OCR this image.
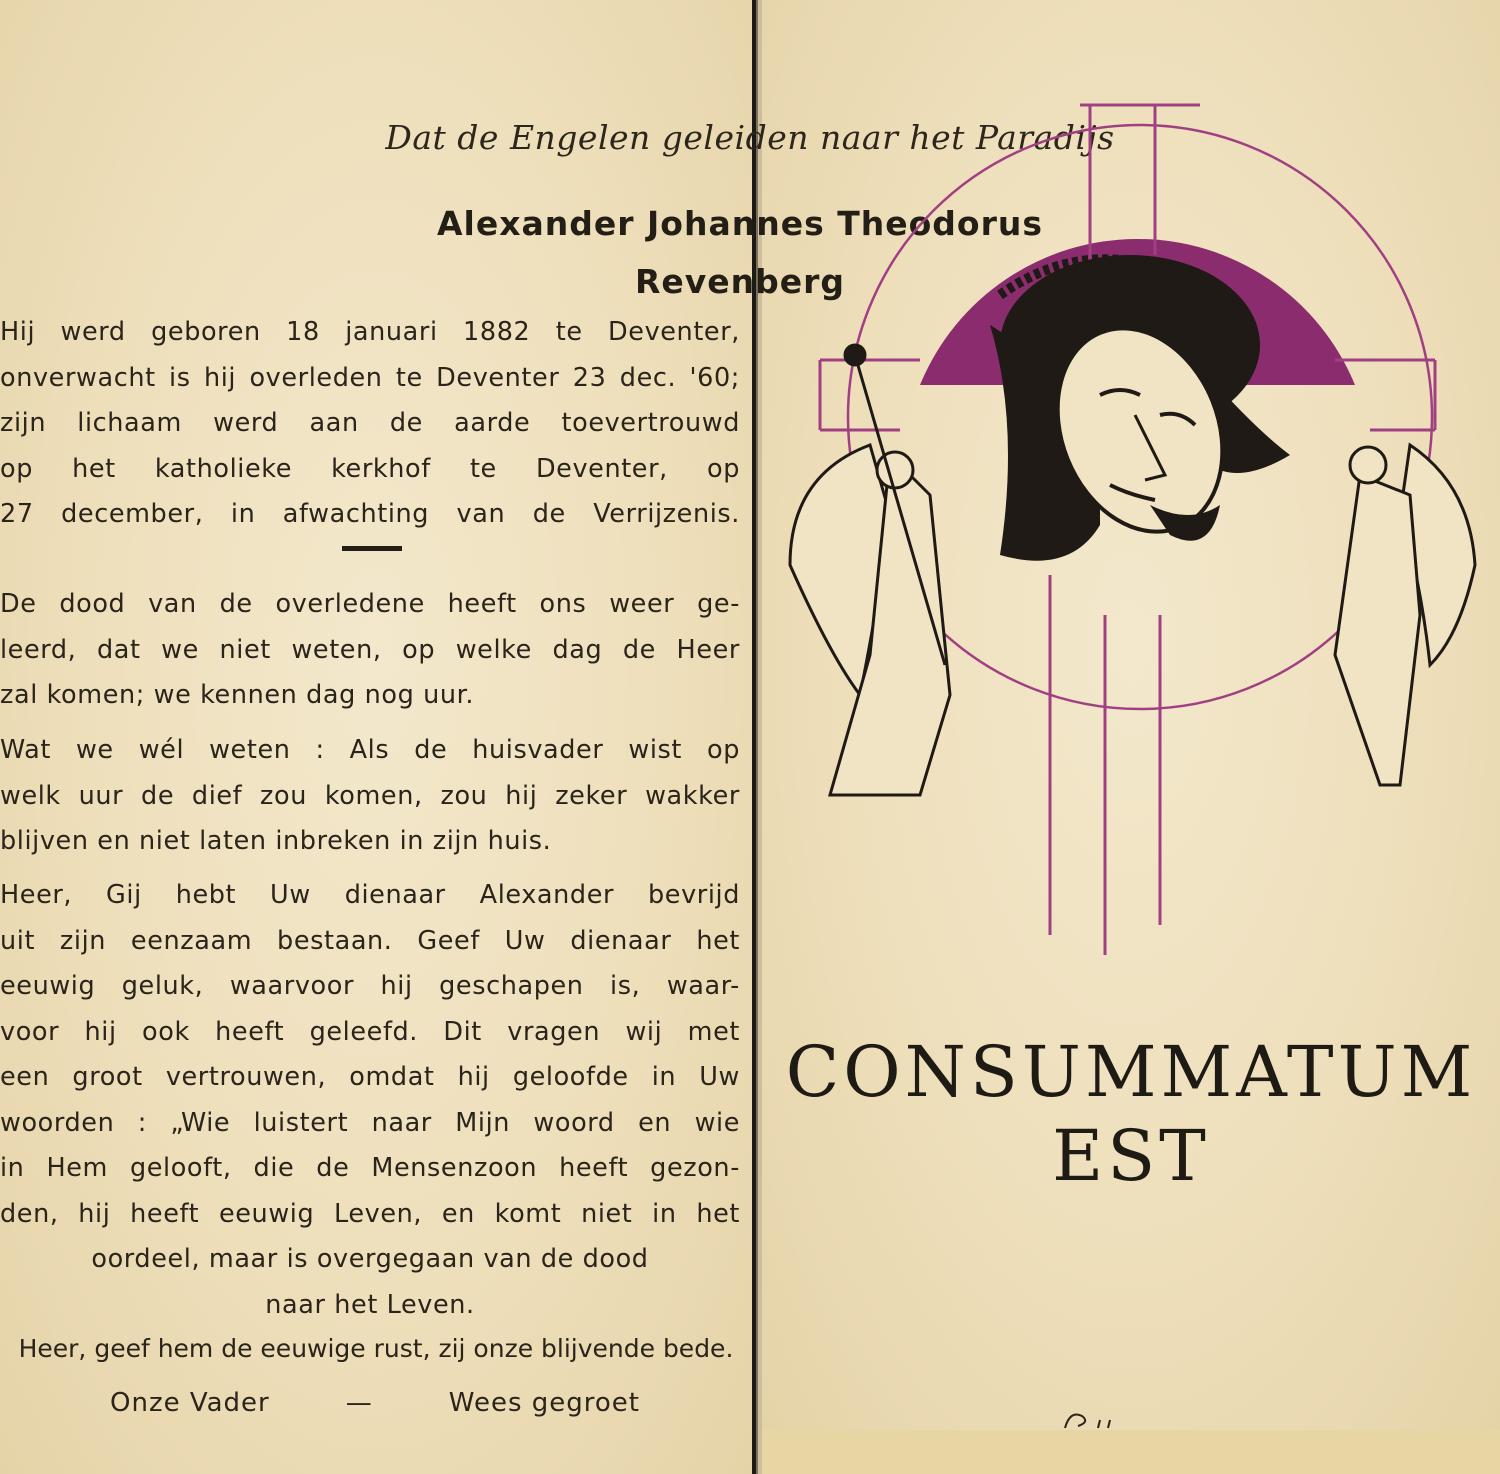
Dat de Engelen geleiden naar het Paradijs
Alexander Johannes Theodorus
Revenberg
Hij werd geboren 18 januari 1882 te Deventer,
onverwacht is hij overleden te Deventer 23 dec. '60;
zijn lichaam werd aan de aarde toevertrouwd
op het katholieke kerkhof te Deventer, op
27 december, in afwachting van de Verrijzenis.
De dood van de overledene heeft ons weer ge-
leerd, dat we niet weten, op welke dag de Heer
zal komen; we kennen dag nog uur.
Wat we wél weten : Als de huisvader wist op
welk uur de dief zou komen, zou hij zeker wakker
blijven en niet laten inbreken in zijn huis.
Heer, Gij hebt Uw dienaar Alexander bevrijd
uit zijn eenzaam bestaan. Geef Uw dienaar het
eeuwig geluk, waarvoor hij geschapen is, waar-
voor hij ook heeft geleefd. Dit vragen wij met
een groot vertrouwen, omdat hij geloofde in Uw
woorden : „Wie luistert naar Mijn woord en wie
in Hem gelooft, die de Mensenzoon heeft gezon-
den, hij heeft eeuwig Leven, en komt niet in het
oordeel, maar is overgegaan van de dood
naar het Leven.
Heer, geef hem de eeuwige rust, zij onze blijvende bede.
Onze Vader	—	Wees gegroet
CONSUMMATUM
EST
